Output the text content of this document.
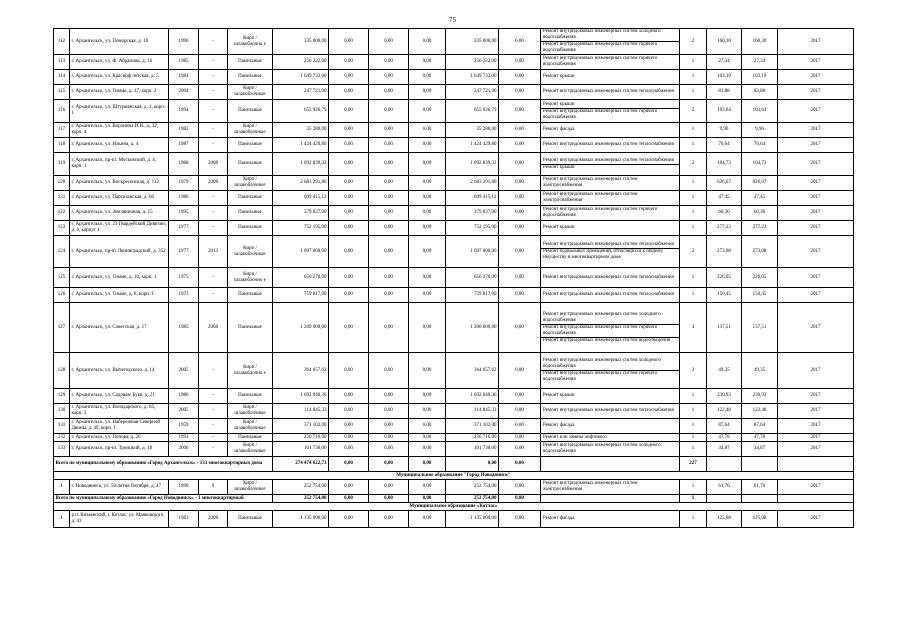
75
112	г. Архангельск, ул. Поморская, д. 16	1996	-	Кирп / шлакоблочно е	335 000,00	0,00	0,00	0,00	335 000,00	0,00	Ремонт внутридомовых инженерных систем холодного водоснабжения
Ремонт внутридомовых инженерных систем горячего водоснабжения	2	160,30	160,30	2017
113	г. Архангельск, ул. Ф. Абрамова, д. 16	1985	-	Панельные	256 222,00	0,00	0,00	0,00	256 222,00	0,00	Ремонт внутридомовых инженерных систем горячего водоснабжения	1	27,34	27,34	2017
114	г. Архангельск, ул. Красноф лотская, д. 5	1984	-	Панельные	1 649 733,00	0,00	0,00	0,00	1 649 733,00	0,00	Ремонт крыши	1	103,19	103,19	2017
115	г. Архангельск, ул. Тимме, д. 17, корп. 2	2004	-	Кирп / шлакоблочные	247 721,00	0,00	0,00	0,00	247 721,00	0,00	Ремонт внутридомовых инженерных систем теплоснабжения	1	83,88	83,88	2017
116	г. Архангельск, ул. Штурманская, д. 4, корп. 1	1994	-	Панельные	655 026,79	0,00	0,00	0,00	655 026,79	0,00	Ремонт крыши
Ремонт внутридомовых инженерных систем горячего водоснабжения	2	103,64	103,64	2017
117	г. Архангельск, ул. Воронина И.И., д. 32, корп. 4	1982	-	Кирп / шлакоблочные	35 280,00	0,00	0,00	0,00	35 280,00	0,00	Ремонт фасада	1	9,96	9,96	2017
118	г. Архангельск, ул. Ильина, д. 4	1987	-	Панельные	1 424 429,80	0,00	0,00	0,00	1 424 429,80	0,00	Ремонт внутридомовых инженерных систем теплоснабжения	1	76,64	76,64	2017
119	г. Архангельск, пр-кт. Московский, д. 4, корп. 1	1988	2008	Панельные	1 092 839,32	0,00	0,00	0,00	1 092 839,32	0,00	Ремонт внутридомовых инженерных систем теплоснабжения
Ремонт крыши	2	104,73	104,73	2017
120	г. Архангельск, ул. Воскресенская, д. 112	1979	2008	Кирп / шлакоблочные	2 683 291,80	0,00	0,00	0,00	2 683 291,80	0,00	Ремонт внутридомовых инженерных систем электроснабжения	1	626,67	626,67	2017
121	г. Архангельск, ул. Партизанская, д. 66	1986	-	Панельные	609 415,12	0,00	0,00	0,00	609 415,12	0,00	Ремонт внутридомовых инженерных систем электроснабжения	1	47,45	47,45	2017
122	г. Архангельск, ул. Земляничная, д. 15	1995	-	Панельные	379 837,00	0,00	0,00	0,00	379 837,00	0,00	Ремонт внутридомовых инженерных систем горячего водоснабжения	1	60,30	60,30	2017
123	г. Архангельск, ул. 23 Гвардейской Дивизии, д. 6, корпус 1	1977	-	Панельные	752 195,00	0,00	0,00	0,00	752 195,00	0,00	Ремонт крыши	1	277,23	277,23	2017
124	г. Архангельск, пр-кт Ленинградский, д. 352	1977	2013	Кирп / шлакоблочные	1 097 000,00	0,00	0,00	0,00	1 097 000,00	0,00	Ремонт внутридомовых инженерных систем теплоснабжения
Ремонт подвальных помещений, относящихся к общему имуществу в многоквартирном доме	2	273,08	273,08	2017
125	г. Архангельск, ул. Тимме, д. 10, корп. 1	1975	-	Кирп / шлакоблочно е	656 270,00	0,00	0,00	0,00	656 270,00	0,00	Ремонт внутридомовых инженерных систем теплоснабжения	1	226,05	226,05	2017
126	г. Архангельск, ул. Тимме, д. 8, корп. 1	1973	-	Панельные	759 817,00	0,00	0,00	0,00	759 817,00	0,00	Ремонт внутридомовых инженерных систем теплоснабжения	1	150,45	150,45	2017
127	г. Архангельск, ул. Советская, д. 17	1985	2008	Панельные	1 200 000,00	0,00	0,00	0,00	1 200 000,00	0,00	Ремонт внутридомовых инженерных систем холодного водоснабжения
Ремонт внутридомовых инженерных систем горячего водоснабжения
Ремонт внутридомовых инженерных систем водоотведения	3	137,51	137,51	2017
128	г. Архангельск, ул. Вычегодского, д. 14	2005	-	Кирп / шлакоблочно е	364 657,62	0,00	0,00	0,00	364 657,62	0,00	Ремонт внутридомовых инженерных систем холодного водоснабжения
Ремонт внутридомовых инженерных систем горячего водоснабжения	2	49,35	49,35	2017
129	г. Архангельск, ул. Садовая/ Букв. д. 21	1986	-	Панельные	1 692 040,36	0,00	0,00	0,00	1 692 040,36	0,00	Ремонт крыши	1	230,93	230,93	2017
130	г. Архангельск, ул. Володарского, д. 85, корп. 3	2005	-	Кирп / шлакоблочные	114 845,33	0,00	0,00	0,00	114 845,33	0,00	Ремонт внутридомовых инженерных систем теплоснабжения	1	122,48	122,48	2017
131	г. Архангельск, ул. Набережная Северной Двины, д. 49, корп. 1	1959	-	Кирп / шлакоблочные	371 102,00	0,00	0,00	0,00	371 102,00	0,00	Ремонт фасада	1	87,64	87,64	2017
132	г. Архангельск, ул. Попова, д. 26	1991	-	Панельные	256 716,00	0,00	0,00	0,00	256 716,00	0,00	Ремонт или замена лифтового	1	47,78	47,78	2017
133	г. Архангельск, пр-кт. Троицкий, д. 18	2006	-	Кирп / шлакоблочные	101 730,00	0,00	0,00	0,00	101 730,00	0,00	Ремонт внутридомовых инженерных систем холодного водоснабжения	1	34,87	34,87	2017
Всего по муниципальному образованию «Город Архангельск» - 133 многоквартирных дома					274 474 622,73	0,00	0,00	0,00	0,00	0,00		227			
Муниципальное образование "Город Новодвинск"															
1	г. Новодвинск, ул. 50-летия Октября, д. 47	1990	0	Кирп / шлакоблочные	252 754,00	0,00	0,00	0,00	252 754,00	0,00	Ремонт внутридомовых инженерных систем электроснабжения	1	61,76	61,76	2017
Всего по муниципальному образованию «Город Новодвинск» - 1 многоквартирный					252 754,00	0,00	0,00	0,00	252 754,00	0,00		1			
Муниципальное образование «Котлас»															
1	р.п. Кизаевский, г. Котлас, ул. Маяковского, д. 43	1983	2008	Панельные	1 135 000,00	0,00	0,00	0,00	1 135 000,00	0,00	Ремонт фасада	1	125,08	125,08	2017
